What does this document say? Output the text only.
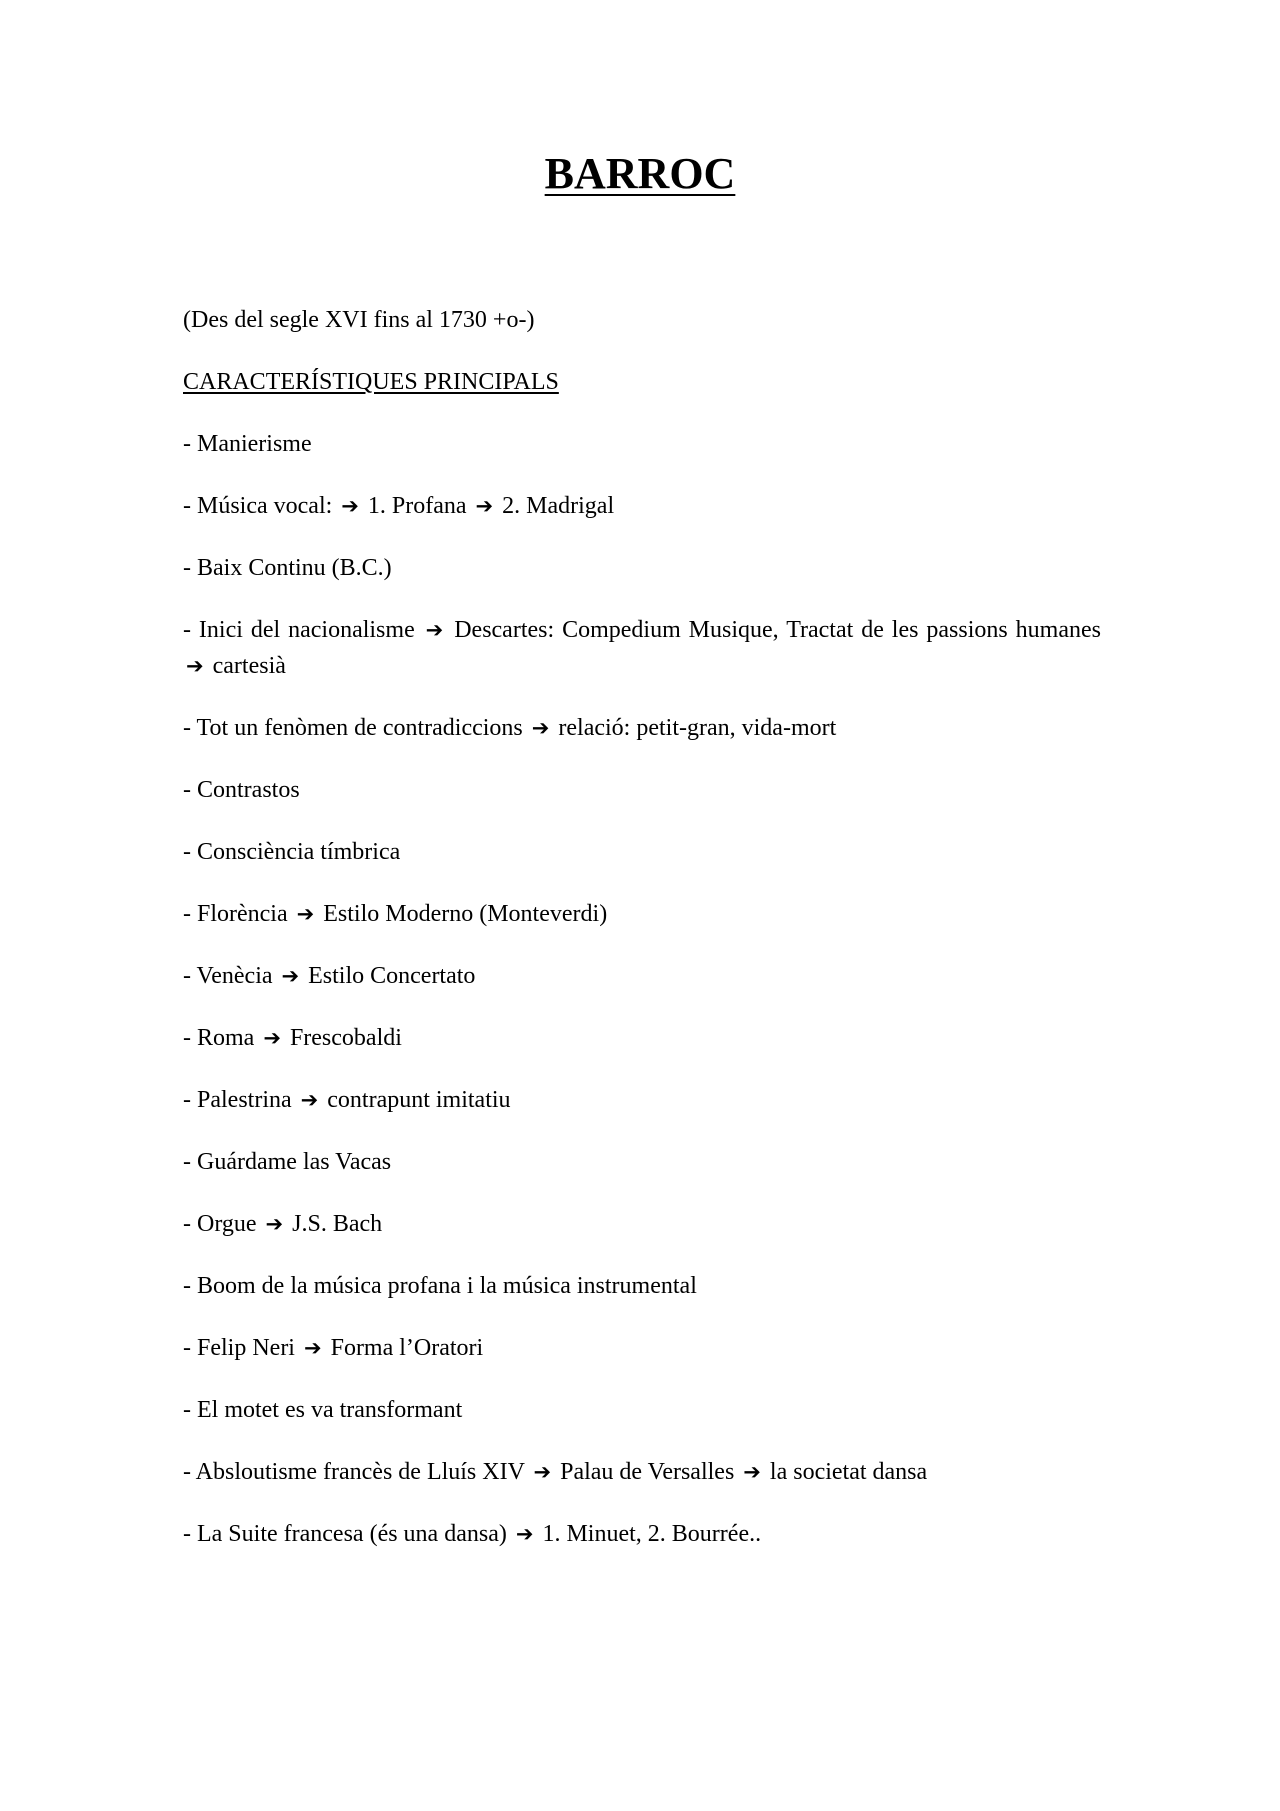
BARROC

(Des del segle XVI fins al 1730 +o-)

CARACTERÍSTIQUES PRINCIPALS

- Manierisme

- Música vocal: ➔ 1. Profana ➔ 2. Madrigal

- Baix Continu (B.C.)

- Inici del nacionalisme ➔ Descartes: Compedium Musique, Tractat de les passions humanes ➔ cartesià

- Tot un fenòmen de contradiccions ➔ relació: petit-gran, vida-mort

- Contrastos

- Consciència tímbrica

- Florència ➔ Estilo Moderno (Monteverdi)

- Venècia ➔ Estilo Concertato

- Roma ➔ Frescobaldi

- Palestrina ➔ contrapunt imitatiu

- Guárdame las Vacas

- Orgue ➔ J.S. Bach

- Boom de la música profana i la música instrumental

- Felip Neri ➔ Forma l’Oratori

- El motet es va transformant

- Absloutisme francès de Lluís XIV ➔ Palau de Versalles ➔ la societat dansa

- La Suite francesa (és una dansa) ➔ 1. Minuet, 2. Bourrée..
